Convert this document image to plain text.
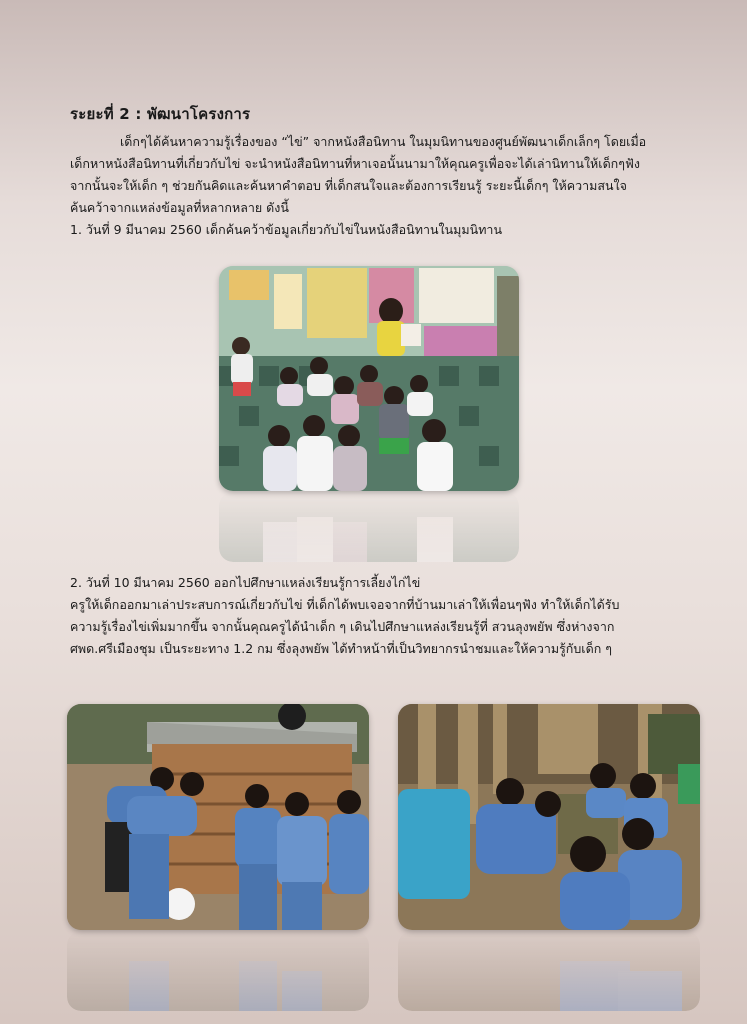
ระยะที่ 2 : พัฒนาโครงการ
เด็กๆได้ค้นหาความรู้เรื่องของ “ไข่” จากหนังสือนิทาน ในมุมนิทานของศูนย์พัฒนาเด็กเล็กๆ โดยเมื่อ
เด็กหาหนังสือนิทานที่เกี่ยวกับไข่ จะนำหนังสือนิทานที่หาเจอนั้นนามาให้คุณครูเพื่อจะได้เล่านิทานให้เด็กๆฟัง
จากนั้นจะให้เด็ก ๆ ช่วยกันคิดและค้นหาคำตอบ ที่เด็กสนใจและต้องการเรียนรู้ ระยะนี้เด็กๆ ให้ความสนใจ
ค้นคว้าจากแหล่งข้อมูลที่หลากหลาย ดังนี้
1. วันที่ 9 มีนาคม 2560 เด็กค้นคว้าข้อมูลเกี่ยวกับไข่ในหนังสือนิทานในมุมนิทาน
2. วันที่ 10 มีนาคม 2560 ออกไปศึกษาแหล่งเรียนรู้การเลี้ยงไก่ไข่
ครูให้เด็กออกมาเล่าประสบการณ์เกี่ยวกับไข่ ที่เด็กได้พบเจอจากที่บ้านมาเล่าให้เพื่อนๆฟัง ทำให้เด็กได้รับ
ความรู้เรื่องไข่เพิ่มมากขึ้น จากนั้นคุณครูได้นำเด็ก ๆ เดินไปศึกษาแหล่งเรียนรู้ที่ สวนลุงพยัพ ซึ่งห่างจาก
ศพด.ศรีเมืองชุม เป็นระยะทาง 1.2 กม ซึ่งลุงพยัพ ได้ทำหน้าที่เป็นวิทยากรนำชมและให้ความรู้กับเด็ก ๆ
